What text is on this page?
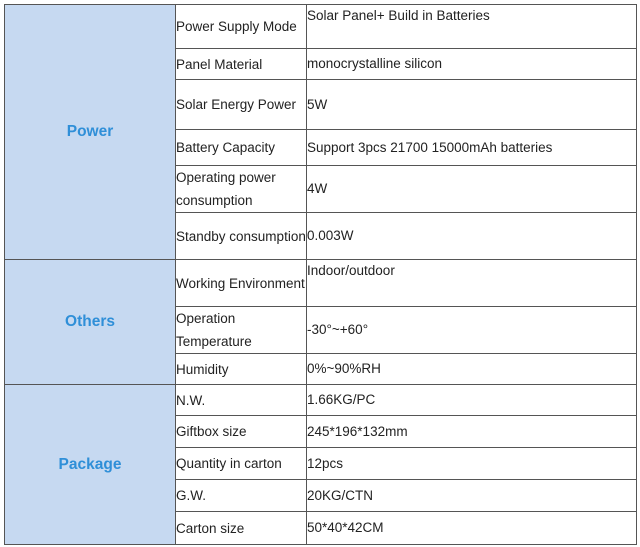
Power	Power Supply Mode	Solar Panel+ Build in Batteries
	Panel Material	monocrystalline silicon
	Solar Energy Power	5W
	Battery Capacity	Support 3pcs 21700 15000mAh batteries
	Operating power consumption	4W
	Standby consumption	0.003W
Others	Working Environment	Indoor/outdoor
	Operation Temperature	-30°~+60°
	Humidity	0%~90%RH
Package	N.W.	1.66KG/PC
	Giftbox size	245*196*132mm
	Quantity in carton	12pcs
	G.W.	20KG/CTN
	Carton size	50*40*42CM
